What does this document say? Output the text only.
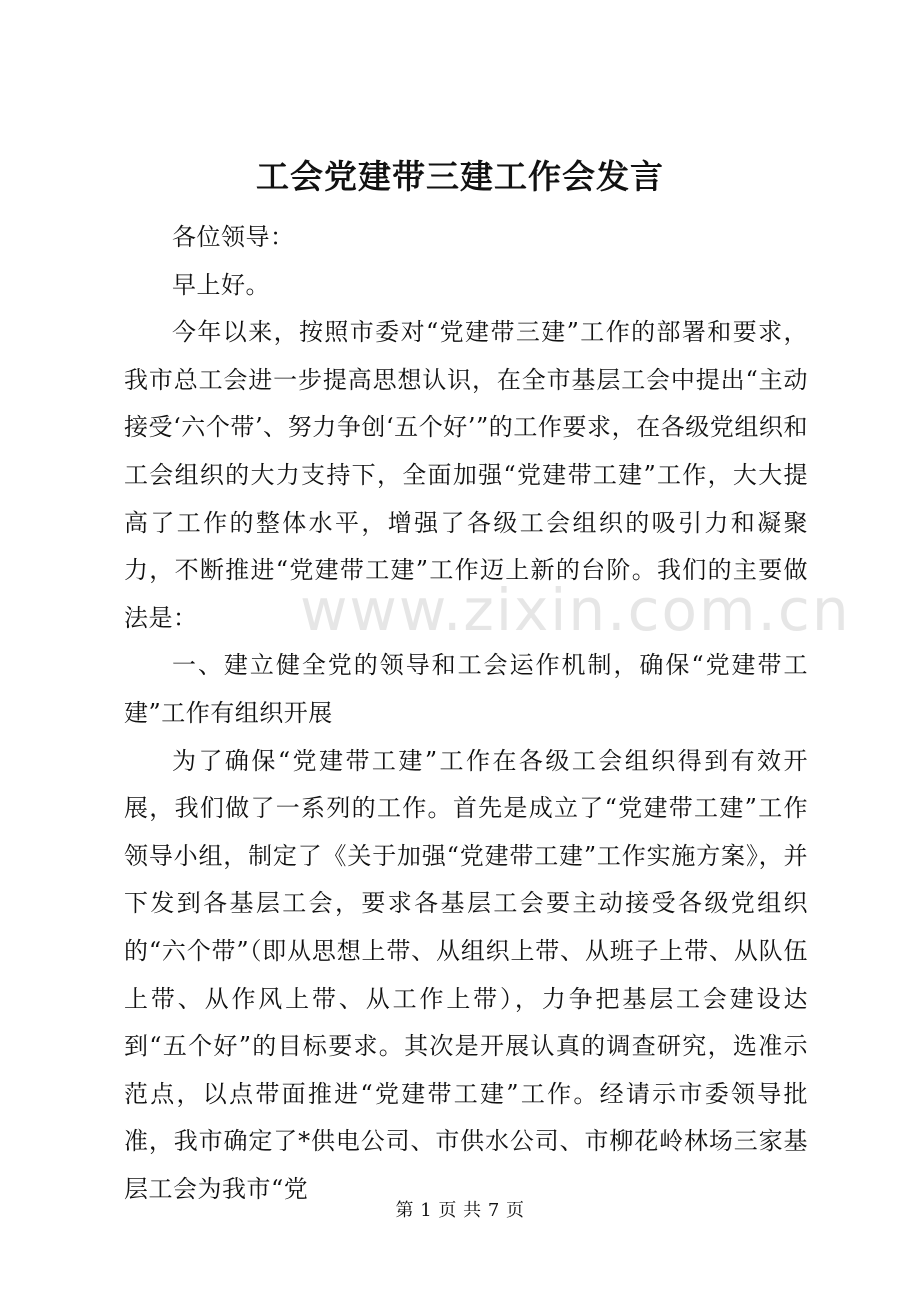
www.zixin.com.cn
工会党建带三建工作会发言

各位领导：

早上好。

今年以来，按照市委对“党建带三建”工作的部署和要求，我市总工会进一步提高思想认识，在全市基层工会中提出“主动接受‘六个带’、努力争创‘五个好’”的工作要求，在各级党组织和工会组织的大力支持下，全面加强“党建带工建”工作，大大提高了工作的整体水平，增强了各级工会组织的吸引力和凝聚力，不断推进“党建带工建”工作迈上新的台阶。我们的主要做法是：

一、建立健全党的领导和工会运作机制，确保“党建带工建”工作有组织开展

为了确保“党建带工建”工作在各级工会组织得到有效开展，我们做了一系列的工作。首先是成立了“党建带工建”工作领导小组，制定了《关于加强“党建带工建”工作实施方案》，并下发到各基层工会，要求各基层工会要主动接受各级党组织的“六个带”（即从思想上带、从组织上带、从班子上带、从队伍上带、从作风上带、从工作上带），力争把基层工会建设达到“五个好”的目标要求。其次是开展认真的调查研究，选准示范点，以点带面推进“党建带工建”工作。经请示市委领导批准，我市确定了*供电公司、市供水公司、市柳花岭林场三家基层工会为我市“党

第 1 页 共 7 页
